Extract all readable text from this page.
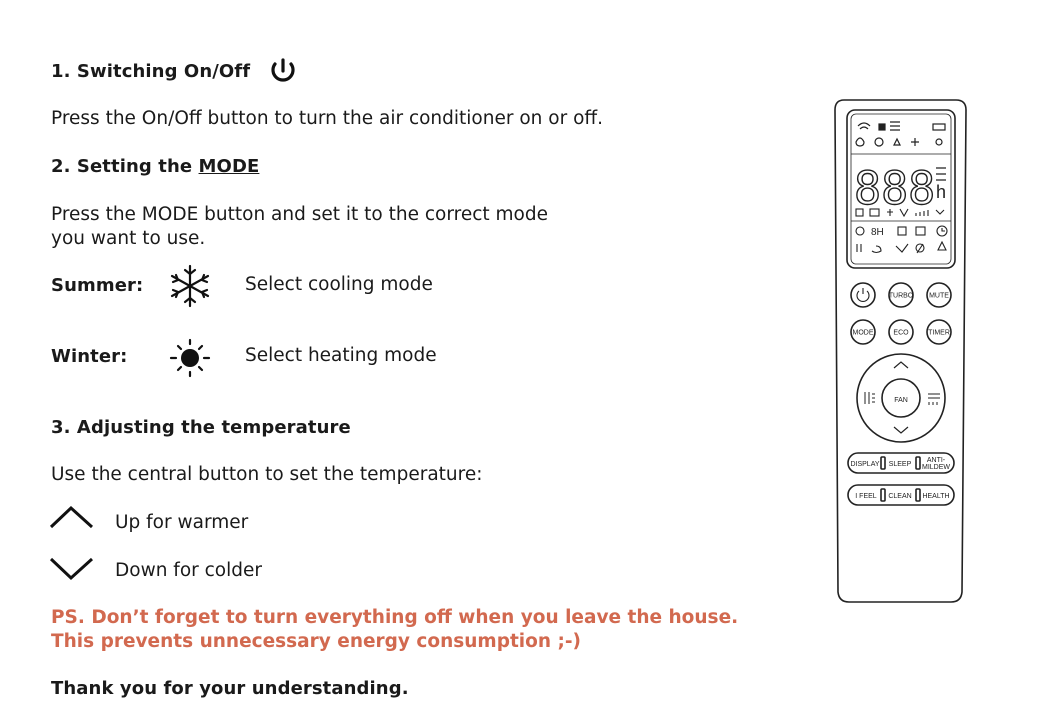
1. Switching On/Off
Press the On/Off button to turn the air conditioner on or off.
2. Setting the MODE
Press the MODE button and set it to the correct mode
you want to use.
Summer:	Select cooling mode
Winter:	Select heating mode
3. Adjusting the temperature
Use the central button to set the temperature:
Up for warmer
Down for colder
PS. Don’t forget to turn everything off when you leave the house.
This prevents unnecessary energy consumption ;-)
Thank you for your understanding.
888 h
8H
TURBO MUTE
MODE	ECO	TIMER
FAN
DISPLAY SLEEP
ANTI-
MILDEW
I FEEL CLEAN HEALTH
